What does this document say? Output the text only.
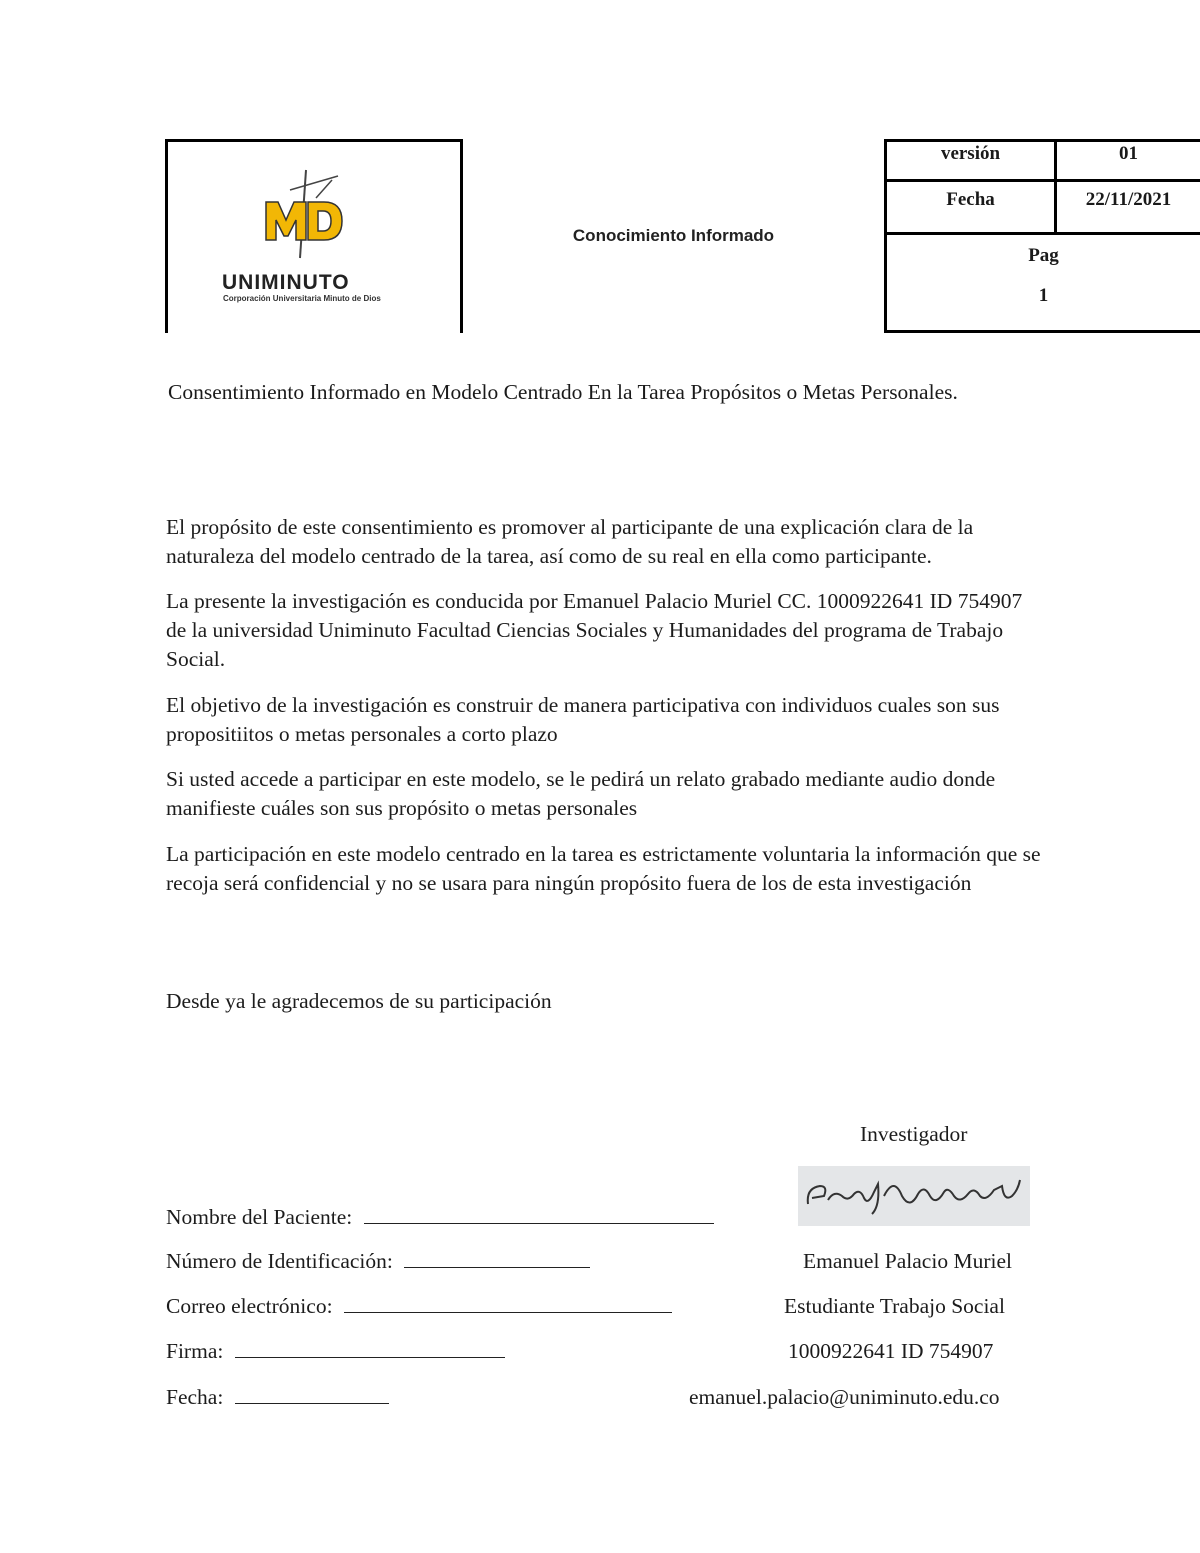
UNIMINUTO
Corporación Universitaria Minuto de Dios
Conocimiento Informado
versión	01
Fecha	22/11/2021
Pag
1
Consentimiento Informado en Modelo Centrado En la Tarea Propósitos o Metas Personales.
El propósito de este consentimiento es promover al participante de una explicación clara de la naturaleza del modelo centrado de la tarea, así como de su real en ella como participante.
La presente la investigación es conducida por Emanuel Palacio Muriel CC. 1000922641 ID 754907 de la universidad Uniminuto Facultad Ciencias Sociales y Humanidades del programa de Trabajo Social.
El objetivo de la investigación es construir de manera participativa con individuos cuales son sus propositiitos o metas personales a corto plazo
Si usted accede a participar en este modelo, se le pedirá un relato grabado mediante audio donde manifieste cuáles son sus propósito o metas personales
La participación en este modelo centrado en la tarea es estrictamente voluntaria la información que se recoja será confidencial y no se usara para ningún propósito fuera de los de esta investigación
Desde ya le agradecemos de su participación
Investigador
Emanuel Palacio Muriel
Estudiante Trabajo Social
1000922641 ID 754907
emanuel.palacio@uniminuto.edu.co
Nombre del Paciente:
Número de Identificación:
Correo electrónico:
Firma:
Fecha:
